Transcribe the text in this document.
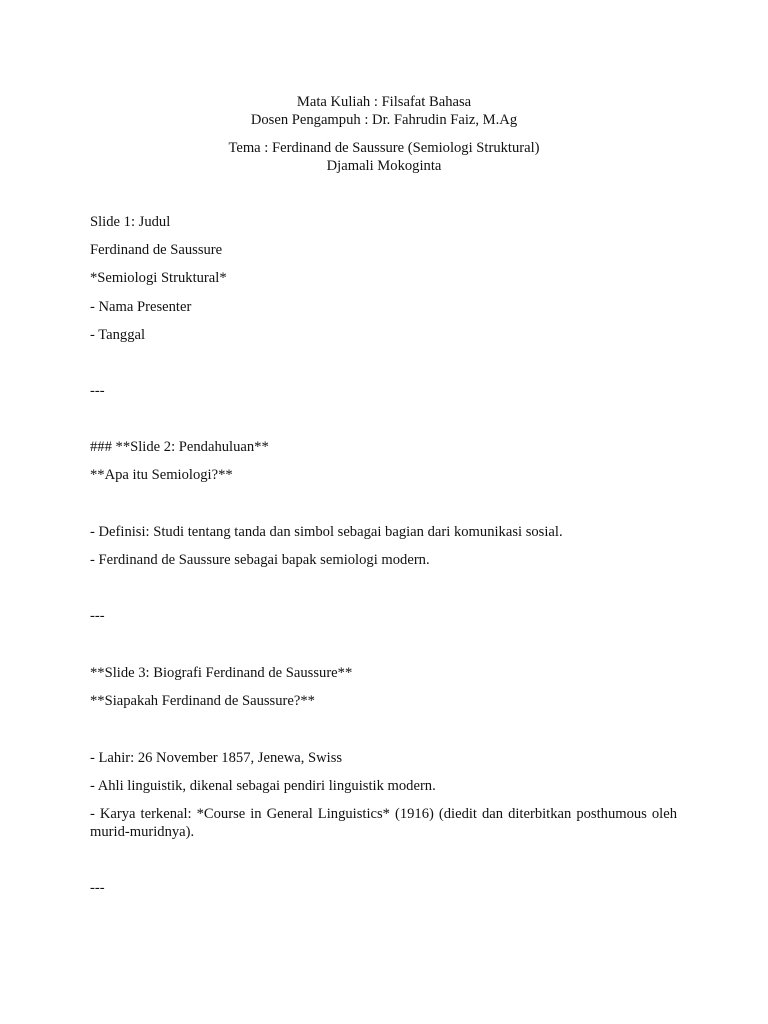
Mata Kuliah : Filsafat Bahasa
Dosen Pengampuh : Dr. Fahrudin Faiz, M.Ag
Tema : Ferdinand de Saussure (Semiologi Struktural)
Djamali Mokoginta
Slide 1: Judul
Ferdinand de Saussure
*Semiologi Struktural*
- Nama Presenter
- Tanggal
---
### **Slide 2: Pendahuluan**
**Apa itu Semiologi?**
- Definisi: Studi tentang tanda dan simbol sebagai bagian dari komunikasi sosial.
- Ferdinand de Saussure sebagai bapak semiologi modern.
---
**Slide 3: Biografi Ferdinand de Saussure**
**Siapakah Ferdinand de Saussure?**
- Lahir: 26 November 1857, Jenewa, Swiss
- Ahli linguistik, dikenal sebagai pendiri linguistik modern.
- Karya terkenal: *Course in General Linguistics* (1916) (diedit dan diterbitkan posthumous oleh murid-muridnya).
---
